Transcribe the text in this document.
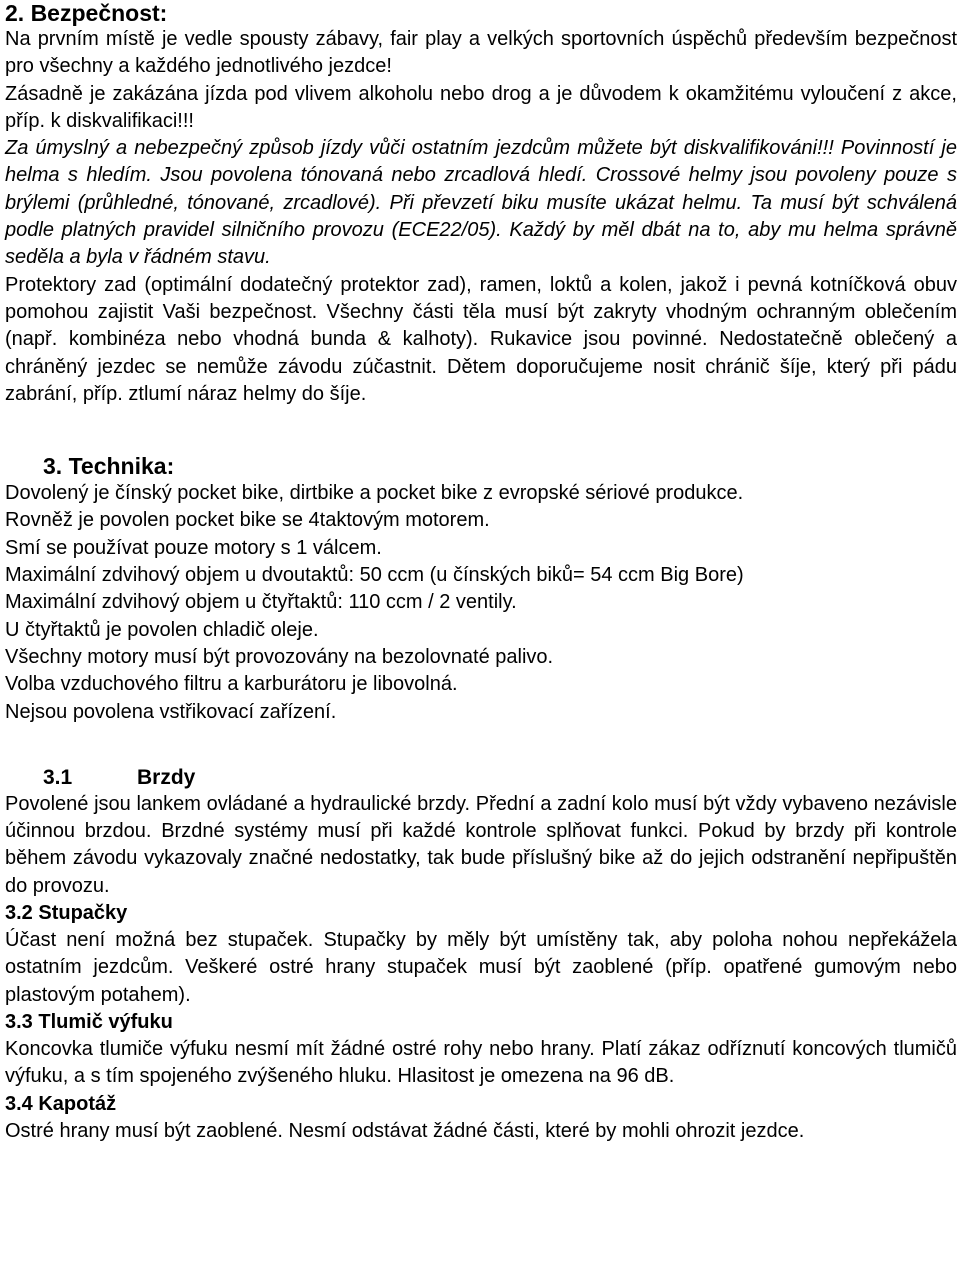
2. Bezpečnost:

Na prvním místě je vedle spousty zábavy, fair play a velkých sportovních úspěchů především bezpečnost pro všechny a každého jednotlivého jezdce!

Zásadně je zakázána jízda pod vlivem alkoholu nebo drog a je důvodem k okamžitému vyloučení z akce, příp. k diskvalifikaci!!!

Za úmyslný a nebezpečný způsob jízdy vůči ostatním jezdcům můžete být diskvalifikováni!!! Povinností je helma s hledím. Jsou povolena tónovaná nebo zrcadlová hledí. Crossové helmy jsou povoleny pouze s brýlemi (průhledné, tónované, zrcadlové). Při převzetí biku musíte ukázat helmu. Ta musí být schválená podle platných pravidel silničního provozu (ECE22/05). Každý by měl dbát na to, aby mu helma správně seděla a byla v řádném stavu.

Protektory zad (optimální dodatečný protektor zad), ramen, loktů a kolen, jakož i pevná kotníčková obuv pomohou zajistit Vaši bezpečnost. Všechny části těla musí být zakryty vhodným ochranným oblečením (např. kombinéza nebo vhodná bunda & kalhoty). Rukavice jsou povinné. Nedostatečně oblečený a chráněný jezdec se nemůže závodu zúčastnit. Dětem doporučujeme nosit chránič šíje, který při pádu zabrání, příp. ztlumí náraz helmy do šíje.

3. Technika:
Dovolený je čínský pocket bike, dirtbike a pocket bike z evropské sériové produkce.
Rovněž je povolen pocket bike se 4taktovým motorem.
Smí se používat pouze motory s 1 válcem.
Maximální zdvihový objem u dvoutaktů: 50 ccm (u čínských biků= 54 ccm Big Bore)
Maximální zdvihový objem u čtyřtaktů: 110 ccm / 2 ventily.
U čtyřtaktů je povolen chladič oleje.
Všechny motory musí být provozovány na bezolovnaté palivo.
Volba vzduchového filtru a karburátoru je libovolná.
Nejsou povolena vstřikovací zařízení.
3.1	Brzdy

Povolené jsou lankem ovládané a hydraulické brzdy. Přední a zadní kolo musí být vždy vybaveno nezávisle účinnou brzdou. Brzdné systémy musí při každé kontrole splňovat funkci. Pokud by brzdy při kontrole během závodu vykazovaly značné nedostatky, tak bude příslušný bike až do jejich odstranění nepřipuštěn do provozu.

3.2 Stupačky

Účast není možná bez stupaček. Stupačky by měly být umístěny tak, aby poloha nohou nepřekážela ostatním jezdcům. Veškeré ostré hrany stupaček musí být zaoblené (příp. opatřené gumovým nebo plastovým potahem).

3.3 Tlumič výfuku

Koncovka tlumiče výfuku nesmí mít žádné ostré rohy nebo hrany. Platí zákaz odříznutí koncových tlumičů výfuku, a s tím spojeného zvýšeného hluku. Hlasitost je omezena na 96 dB.

3.4 Kapotáž

Ostré hrany musí být zaoblené. Nesmí odstávat žádné části, které by mohli ohrozit jezdce.
